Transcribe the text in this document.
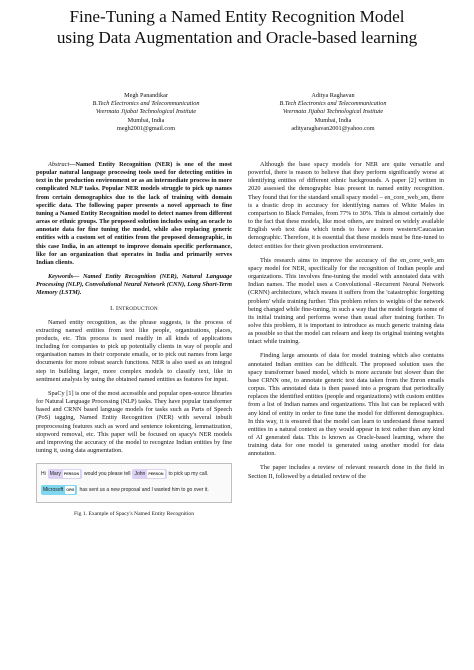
Fine-Tuning a Named Entity Recognition Model
using Data Augmentation and Oracle-based learning
Megh Panandikar
B.Tech Electronics and Telecommunication
Veermata Jijabai Technological Institute
Mumbai, India
megh2001@gmail.com
Aditya Raghavan
B.Tech Electronics and Telecommunication
Veermata Jijabai Technological Institute
Mumbai, India
adityaraghavan2001@yahoo.com

Abstract—Named Entity Recognition (NER) is one of the most popular natural language processing tools used for detecting entities in text in the production environment or as an intermediate process in more complicated NLP tasks. Popular NER models struggle to pick up names from certain demographics due to the lack of training with domain specific data. The following paper presents a novel approach to fine tuning a Named Entity Recognition model to detect names from different areas or ethnic groups. The proposed solution includes using an oracle to annotate data for fine tuning the model, while also replacing generic entities with a custom set of entities from the proposed demographic, in this case India, in an attempt to improve domain specific performance, like for an organization that operates in India and primarily serves Indian clients.

Keywords— Named Entity Recognition (NER), Natural Language Processing (NLP), Convolutional Neural Network (CNN), Long Short-Term Memory (LSTM).

I. INTRODUCTION

Named entity recognition, as the phrase suggests, is the process of extracting named entities from text like people, organizations, places, products, etc. This process is used readily in all kinds of applications including for companies to pick up potentially clients in way of people and organisation names in their corporate emails, or to pick out names from large documents for more robust search functions. NER is also used as an integral step in building larger, more complex models to classify text, like in sentiment analysis by using the obtained named entities as features for input.

SpaCy [1] is one of the most accessible and popular open-source libraries for Natural Language Processing (NLP) tasks. They have popular transformer based and CRNN based language models for tasks such as Parts of Speech (PoS) tagging, Named Entity Recognition (NER) with several inbuilt preprocessing features such as word and sentence tokenizing, lemmatization, stopword removal, etc. This paper will be focused on spacy's NER models and improving the accuracy of the model to recognize Indian entities by fine tuning it, using data augmentation.

Hi Mary PERSON would you please tell John PERSON to pick up my call.
Microsoft ORG has sent us a new proposal and I wanted him to go over it.
Fig 1. Example of Spacy's Named Entity Recognition

Although the base spacy models for NER are quite versatile and powerful, there is reason to believe that they perform significantly worse at identifying entities of different ethnic backgrounds. A paper [2] written in 2020 assessed the demographic bias present in named entity recognition. They found that for the standard small spacy model – en_core_web_sm, there is a drastic drop in accuracy for identifying names of White Males in comparison to Black Females, from 77% to 30%. This is almost certainly due to the fact that these models, like most others, are trained on widely available English web text data which tends to have a more western/Caucasian demographic. Therefore, it is essential that these models must be fine-tuned to detect entities for their given production environment.

This research aims to improve the accuracy of the en_core_web_sm spacy model for NER, specifically for the recognition of Indian people and organizations. This involves fine-tuning the model with annotated data with Indian names. The model uses a Convolutional -Recurrent Neural Network (CRNN) architecture, which means it suffers from the 'catastrophic forgetting problem' while training further. This problem refers to weights of the network being changed while fine-tuning, in such a way that the model forgets some of its initial training and performs worse than usual after training further. To solve this problem, it is important to introduce as much generic training data as possible so that the model can relearn and keep its original training weights intact while training.

Finding large amounts of data for model training which also contains annotated Indian entities can be difficult. The proposed solution uses the spacy transformer based model, which is more accurate but slower than the base CRNN one, to annotate generic text data taken from the Enron emails corpus. This annotated data is then passed into a program that periodically replaces the identified entities (people and organizations) with custom entities from a list of Indian names and organizations. This list can be replaced with any kind of entity in order to fine tune the model for different demographics. In this way, it is ensured that the model can learn to understand these named entities in a natural context as they would appear in text rather than any kind of AI generated data. This is known as Oracle-based learning, where the training data for one model is generated using another model for data annotation.

The paper includes a review of relevant research done in the field in Section II, followed by a detailed review of the
